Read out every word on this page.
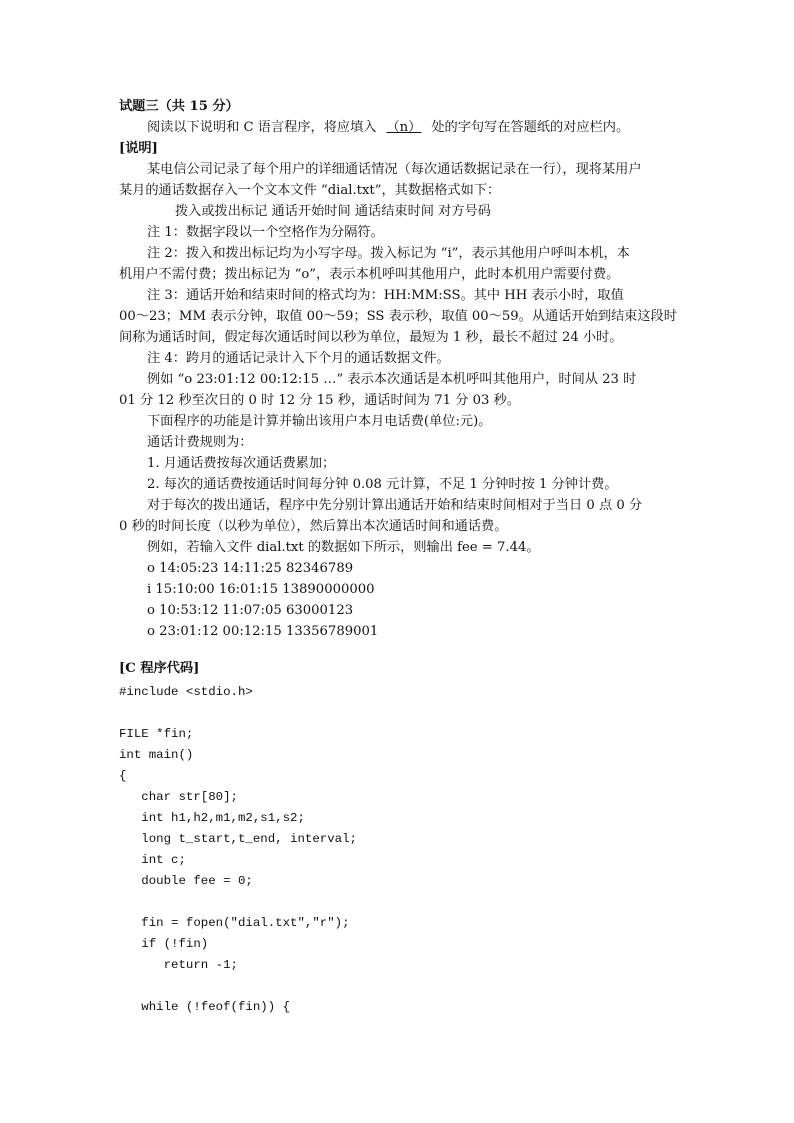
试题三（共 15 分）
阅读以下说明和 C 语言程序，将应填入 （n） 处的字句写在答题纸的对应栏内。
[说明]
某电信公司记录了每个用户的详细通话情况（每次通话数据记录在一行），现将某用户
某月的通话数据存入一个文本文件 “dial.txt”，其数据格式如下：
拨入或拨出标记 通话开始时间 通话结束时间 对方号码
注 1：数据字段以一个空格作为分隔符。
注 2：拨入和拨出标记均为小写字母。拨入标记为 “i”，表示其他用户呼叫本机，本
机用户不需付费；拨出标记为 “o”，表示本机呼叫其他用户，此时本机用户需要付费。
注 3：通话开始和结束时间的格式均为：HH:MM:SS。其中 HH 表示小时，取值
00～23；MM 表示分钟，取值 00～59；SS 表示秒，取值 00～59。从通话开始到结束这段时
间称为通话时间，假定每次通话时间以秒为单位，最短为 1 秒，最长不超过 24 小时。
注 4：跨月的通话记录计入下个月的通话数据文件。
例如 “o 23:01:12 00:12:15 …” 表示本次通话是本机呼叫其他用户，时间从 23 时
01 分 12 秒至次日的 0 时 12 分 15 秒，通话时间为 71 分 03 秒。
下面程序的功能是计算并输出该用户本月电话费(单位:元)。
通话计费规则为：
1. 月通话费按每次通话费累加；
2. 每次的通话费按通话时间每分钟 0.08 元计算，不足 1 分钟时按 1 分钟计费。
对于每次的拨出通话，程序中先分别计算出通话开始和结束时间相对于当日 0 点 0 分
0 秒的时间长度（以秒为单位），然后算出本次通话时间和通话费。
例如，若输入文件 dial.txt 的数据如下所示，则输出 fee = 7.44。
o 14:05:23 14:11:25 82346789
i 15:10:00 16:01:15 13890000000
o 10:53:12 11:07:05 63000123
o 23:01:12 00:12:15 13356789001
[C 程序代码]
#include <stdio.h>
FILE *fin;
int main()
{
char str[80];
int h1,h2,m1,m2,s1,s2;
long t_start,t_end, interval;
int c;
double fee = 0;
fin = fopen("dial.txt","r");
if (!fin)
return -1;
while (!feof(fin)) {
